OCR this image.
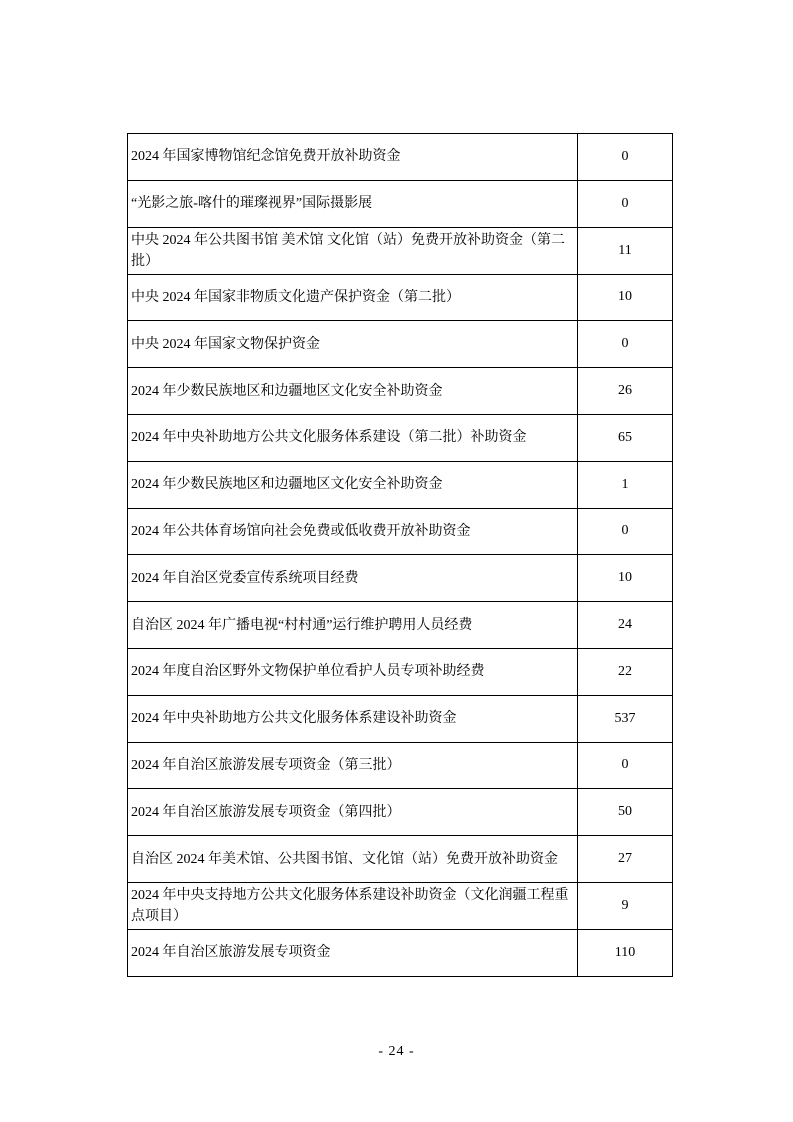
2024 年国家博物馆纪念馆免费开放补助资金	0
“光影之旅-喀什的璀璨视界”国际摄影展	0
中央 2024 年公共图书馆 美术馆 文化馆（站）免费开放补助资金（第二批）	11
中央 2024 年国家非物质文化遗产保护资金（第二批）	10
中央 2024 年国家文物保护资金	0
2024 年少数民族地区和边疆地区文化安全补助资金	26
2024 年中央补助地方公共文化服务体系建设（第二批）补助资金	65
2024 年少数民族地区和边疆地区文化安全补助资金	1
2024 年公共体育场馆向社会免费或低收费开放补助资金	0
2024 年自治区党委宣传系统项目经费	10
自治区 2024 年广播电视“村村通”运行维护聘用人员经费	24
2024 年度自治区野外文物保护单位看护人员专项补助经费	22
2024 年中央补助地方公共文化服务体系建设补助资金	537
2024 年自治区旅游发展专项资金（第三批）	0
2024 年自治区旅游发展专项资金（第四批）	50
自治区 2024 年美术馆、公共图书馆、文化馆（站）免费开放补助资金	27
2024 年中央支持地方公共文化服务体系建设补助资金（文化润疆工程重点项目）	9
2024 年自治区旅游发展专项资金	110
- 24 -
